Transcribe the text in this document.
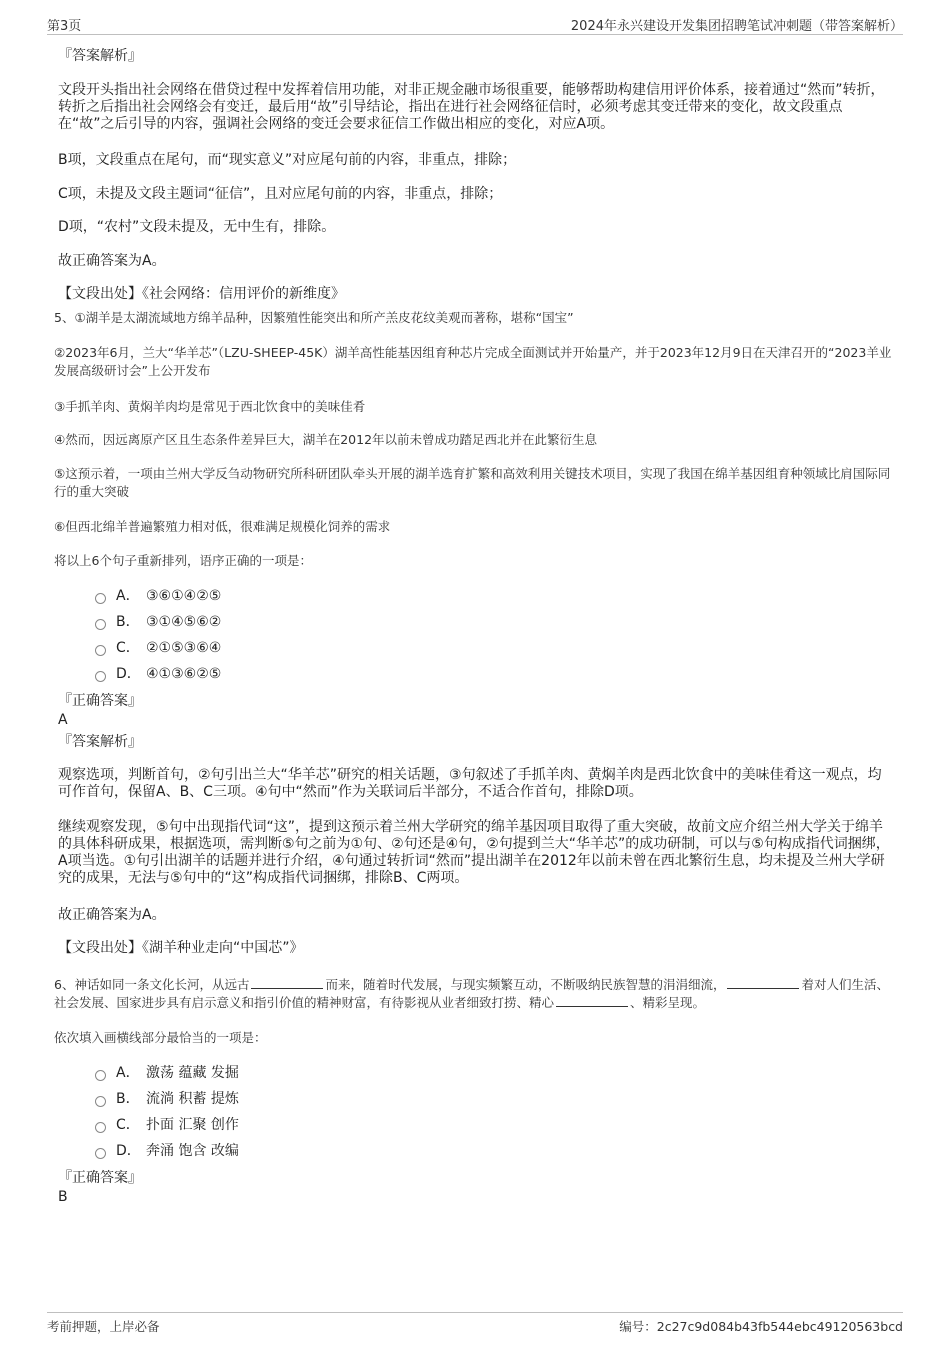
第3页	2024年永兴建设开发集团招聘笔试冲刺题（带答案解析）
『答案解析』

文段开头指出社会网络在借贷过程中发挥着信用功能，对非正规金融市场很重要，能够帮助构建信用评价体系，接着通过“然而”转折，转折之后指出社会网络会有变迁，最后用“故”引导结论，指出在进行社会网络征信时，必须考虑其变迁带来的变化，故文段重点在“故”之后引导的内容，强调社会网络的变迁会要求征信工作做出相应的变化，对应A项。

B项，文段重点在尾句，而“现实意义”对应尾句前的内容，非重点，排除；

C项，未提及文段主题词“征信”，且对应尾句前的内容，非重点，排除；

D项，“农村”文段未提及，无中生有，排除。

故正确答案为A。

【文段出处】《社会网络：信用评价的新维度》

5、①湖羊是太湖流域地方绵羊品种，因繁殖性能突出和所产羔皮花纹美观而著称，堪称“国宝”

②2023年6月，兰大“华羊芯”（LZU-SHEEP-45K）湖羊高性能基因组育种芯片完成全面测试并开始量产，并于2023年12月9日在天津召开的“2023羊业发展高级研讨会”上公开发布

③手抓羊肉、黄焖羊肉均是常见于西北饮食中的美味佳肴

④然而，因远离原产区且生态条件差异巨大，湖羊在2012年以前未曾成功踏足西北并在此繁衍生息

⑤这预示着，一项由兰州大学反刍动物研究所科研团队牵头开展的湖羊选育扩繁和高效利用关键技术项目，实现了我国在绵羊基因组育种领域比肩国际同行的重大突破

⑥但西北绵羊普遍繁殖力相对低，很难满足规模化饲养的需求

将以上6个句子重新排列，语序正确的一项是：

A． ③⑥①④②⑤
B． ③①④⑤⑥②
C． ②①⑤③⑥④
D． ④①③⑥②⑤
『正确答案』
A
『答案解析』

观察选项，判断首句，②句引出兰大“华羊芯”研究的相关话题，③句叙述了手抓羊肉、黄焖羊肉是西北饮食中的美味佳肴这一观点，均可作首句，保留A、B、C三项。④句中“然而”作为关联词后半部分，不适合作首句，排除D项。

继续观察发现，⑤句中出现指代词“这”，提到这预示着兰州大学研究的绵羊基因项目取得了重大突破，故前文应介绍兰州大学关于绵羊的具体科研成果，根据选项，需判断⑤句之前为①句、②句还是④句，②句提到兰大“华羊芯”的成功研制，可以与⑤句构成指代词捆绑，A项当选。①句引出湖羊的话题并进行介绍，④句通过转折词“然而”提出湖羊在2012年以前未曾在西北繁衍生息，均未提及兰州大学研究的成果，无法与⑤句中的“这”构成指代词捆绑，排除B、C两项。

故正确答案为A。

【文段出处】《湖羊种业走向“中国芯”》

6、神话如同一条文化长河，从远古	而来，随着时代发展，与现实频繁互动，不断吸纳民族智慧的涓涓细流，	着对人们生活、社会发展、国家进步具有启示意义和指引价值的精神财富，有待影视从业者细致打捞、精心	、精彩呈现。

依次填入画横线部分最恰当的一项是：

A． 激荡 蕴藏 发掘
B． 流淌 积蓄 提炼
C． 扑面 汇聚 创作
D． 奔涌 饱含 改编
『正确答案』
B
考前押题，上岸必备	编号：2c27c9d084b43fb544ebc49120563bcd
